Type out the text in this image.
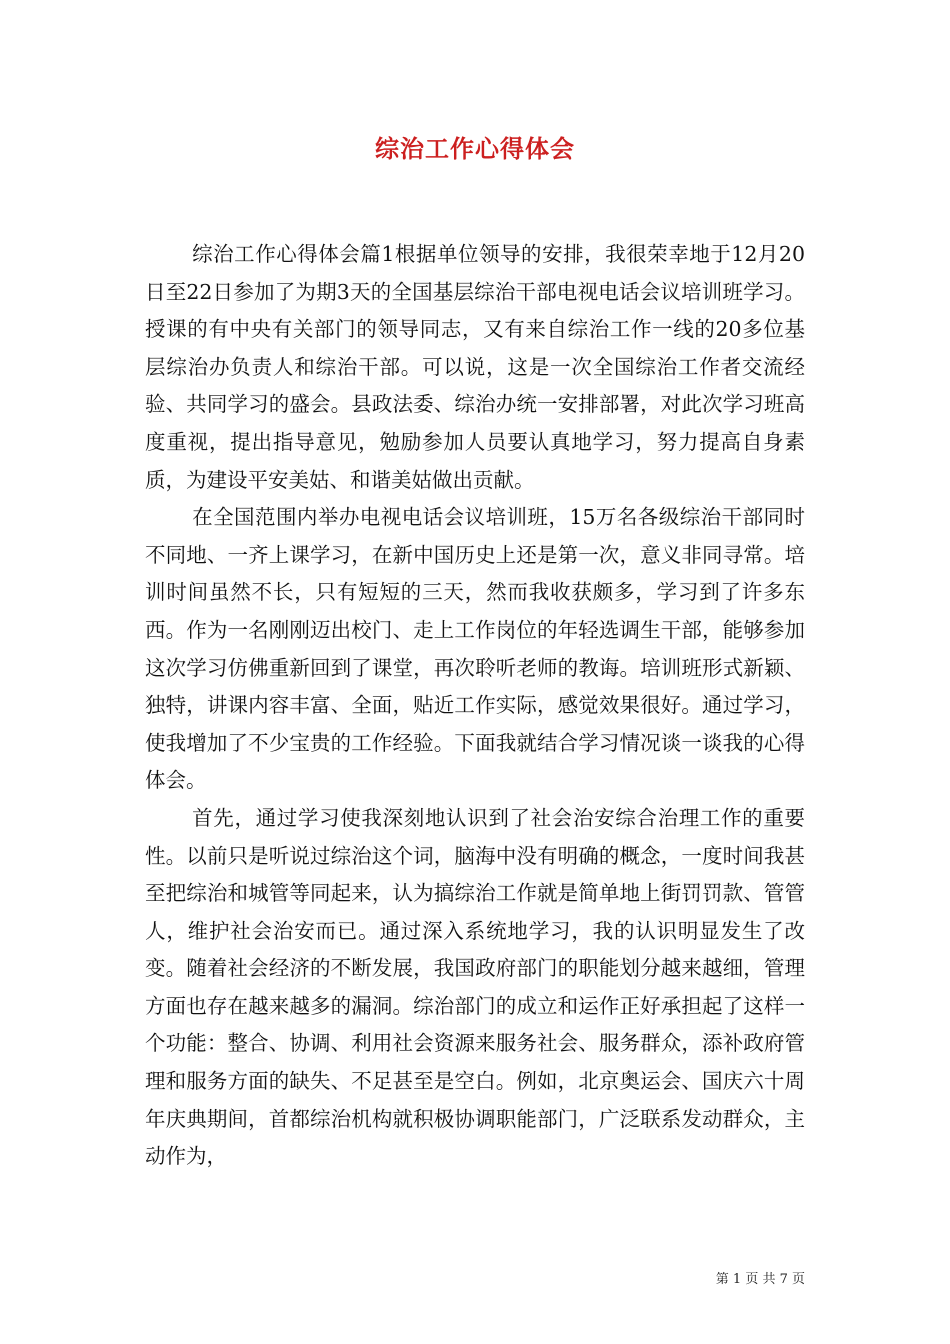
综治工作心得体会

综治工作心得体会篇1根据单位领导的安排，我很荣幸地于12月20日至22日参加了为期3天的全国基层综治干部电视电话会议培训班学习。授课的有中央有关部门的领导同志，又有来自综治工作一线的20多位基层综治办负责人和综治干部。可以说，这是一次全国综治工作者交流经验、共同学习的盛会。县政法委、综治办统一安排部署，对此次学习班高度重视，提出指导意见，勉励参加人员要认真地学习，努力提高自身素质，为建设平安美姑、和谐美姑做出贡献。

在全国范围内举办电视电话会议培训班，15万名各级综治干部同时不同地、一齐上课学习，在新中国历史上还是第一次，意义非同寻常。培训时间虽然不长，只有短短的三天，然而我收获颇多，学习到了许多东西。作为一名刚刚迈出校门、走上工作岗位的年轻选调生干部，能够参加这次学习仿佛重新回到了课堂，再次聆听老师的教诲。培训班形式新颖、独特，讲课内容丰富、全面，贴近工作实际，感觉效果很好。通过学习，使我增加了不少宝贵的工作经验。下面我就结合学习情况谈一谈我的心得体会。

首先，通过学习使我深刻地认识到了社会治安综合治理工作的重要性。以前只是听说过综治这个词，脑海中没有明确的概念，一度时间我甚至把综治和城管等同起来，认为搞综治工作就是简单地上街罚罚款、管管人，维护社会治安而已。通过深入系统地学习，我的认识明显发生了改变。随着社会经济的不断发展，我国政府部门的职能划分越来越细，管理方面也存在越来越多的漏洞。综治部门的成立和运作正好承担起了这样一个功能：整合、协调、利用社会资源来服务社会、服务群众，添补政府管理和服务方面的缺失、不足甚至是空白。例如，北京奥运会、国庆六十周年庆典期间，首都综治机构就积极协调职能部门，广泛联系发动群众，主动作为，

第 1 页 共 7 页
